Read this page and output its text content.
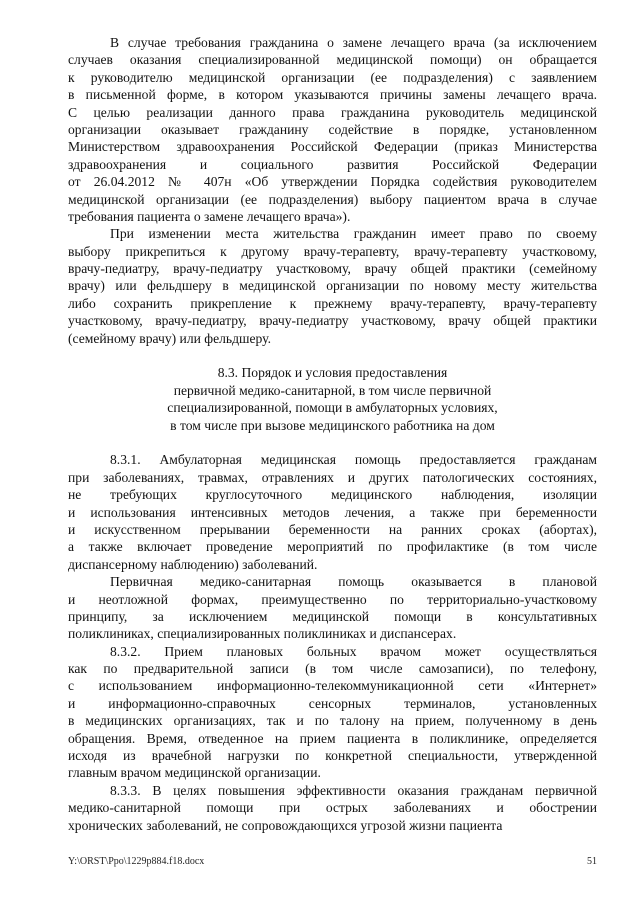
В случае требования гражданина о замене лечащего врача (за исключением
случаев оказания специализированной медицинской помощи) он обращается
к руководителю медицинской организации (ее подразделения) с заявлением
в письменной форме, в котором указываются причины замены лечащего врача.
С целью реализации данного права гражданина руководитель медицинской
организации оказывает гражданину содействие в порядке, установленном
Министерством здравоохранения Российской Федерации (приказ Министерства
здравоохранения и социального развития Российской Федерации
от 26.04.2012 № 407н «Об утверждении Порядка содействия руководителем
медицинской организации (ее подразделения) выбору пациентом врача в случае
требования пациента о замене лечащего врача»).
При изменении места жительства гражданин имеет право по своему
выбору прикрепиться к другому врачу-терапевту, врачу-терапевту участковому,
врачу-педиатру, врачу-педиатру участковому, врачу общей практики (семейному
врачу) или фельдшеру в медицинской организации по новому месту жительства
либо сохранить прикрепление к прежнему врачу-терапевту, врачу-терапевту
участковому, врачу-педиатру, врачу-педиатру участковому, врачу общей практики
(семейному врачу) или фельдшеру.
8.3. Порядок и условия предоставления
первичной медико-санитарной, в том числе первичной
специализированной, помощи в амбулаторных условиях,
в том числе при вызове медицинского работника на дом
8.3.1. Амбулаторная медицинская помощь предоставляется гражданам
при заболеваниях, травмах, отравлениях и других патологических состояниях,
не требующих круглосуточного медицинского наблюдения, изоляции
и использования интенсивных методов лечения, а также при беременности
и искусственном прерывании беременности на ранних сроках (абортах),
а также включает проведение мероприятий по профилактике (в том числе
диспансерному наблюдению) заболеваний.
Первичная медико-санитарная помощь оказывается в плановой
и неотложной формах, преимущественно по территориально-участковому
принципу, за исключением медицинской помощи в консультативных
поликлиниках, специализированных поликлиниках и диспансерах.
8.3.2. Прием плановых больных врачом может осуществляться
как по предварительной записи (в том числе самозаписи), по телефону,
с использованием информационно-телекоммуникационной сети «Интернет»
и информационно-справочных сенсорных терминалов, установленных
в медицинских организациях, так и по талону на прием, полученному в день
обращения. Время, отведенное на прием пациента в поликлинике, определяется
исходя из врачебной нагрузки по конкретной специальности, утвержденной
главным врачом медицинской организации.
8.3.3. В целях повышения эффективности оказания гражданам первичной
медико-санитарной помощи при острых заболеваниях и обострении
хронических заболеваний, не сопровождающихся угрозой жизни пациента
Y:\ORST\Ppo\1229p884.f18.docx	51
